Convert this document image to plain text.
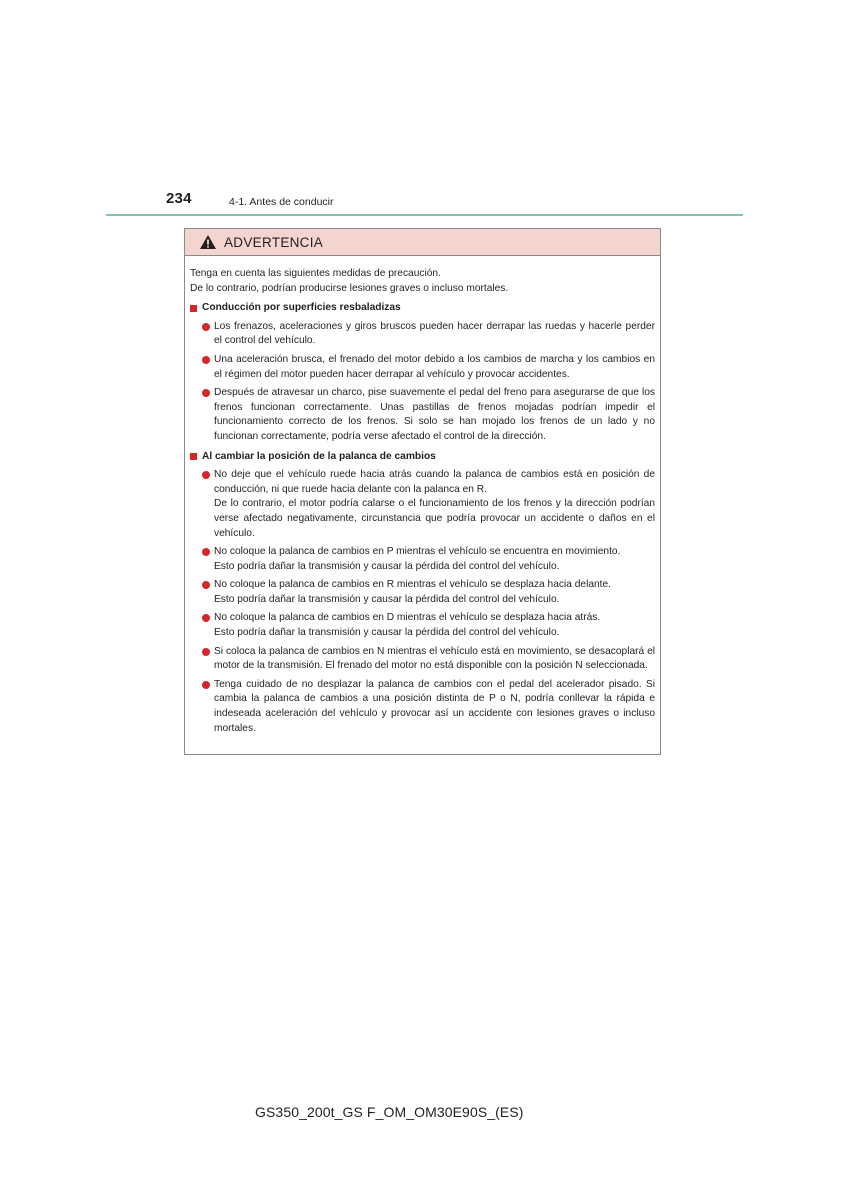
234	4-1. Antes de conducir
ADVERTENCIA

Tenga en cuenta las siguientes medidas de precaución.

De lo contrario, podrían producirse lesiones graves o incluso mortales.

Conducción por superficies resbaladizas

Los frenazos, aceleraciones y giros bruscos pueden hacer derrapar las ruedas y hacerle perder el control del vehículo.

Una aceleración brusca, el frenado del motor debido a los cambios de marcha y los cambios en el régimen del motor pueden hacer derrapar al vehículo y provocar accidentes.

Después de atravesar un charco, pise suavemente el pedal del freno para asegurarse de que los frenos funcionan correctamente. Unas pastillas de frenos mojadas podrían impedir el funcionamiento correcto de los frenos. Si solo se han mojado los frenos de un lado y no funcionan correctamente, podría verse afectado el control de la dirección.

Al cambiar la posición de la palanca de cambios

No deje que el vehículo ruede hacia atrás cuando la palanca de cambios está en posición de conducción, ni que ruede hacia delante con la palanca en R.

De lo contrario, el motor podría calarse o el funcionamiento de los frenos y la dirección podrían verse afectado negativamente, circunstancia que podría provocar un accidente o daños en el vehículo.

No coloque la palanca de cambios en P mientras el vehículo se encuentra en movimiento.

Esto podría dañar la transmisión y causar la pérdida del control del vehículo.

No coloque la palanca de cambios en R mientras el vehículo se desplaza hacia delante.

Esto podría dañar la transmisión y causar la pérdida del control del vehículo.

No coloque la palanca de cambios en D mientras el vehículo se desplaza hacia atrás.

Esto podría dañar la transmisión y causar la pérdida del control del vehículo.

Si coloca la palanca de cambios en N mientras el vehículo está en movimiento, se desacoplará el motor de la transmisión. El frenado del motor no está disponible con la posición N seleccionada.

Tenga cuidado de no desplazar la palanca de cambios con el pedal del acelerador pisado. Si cambia la palanca de cambios a una posición distinta de P o N, podría conllevar la rápida e indeseada aceleración del vehículo y provocar así un accidente con lesiones graves o incluso mortales.

GS350_200t_GS F_OM_OM30E90S_(ES)
